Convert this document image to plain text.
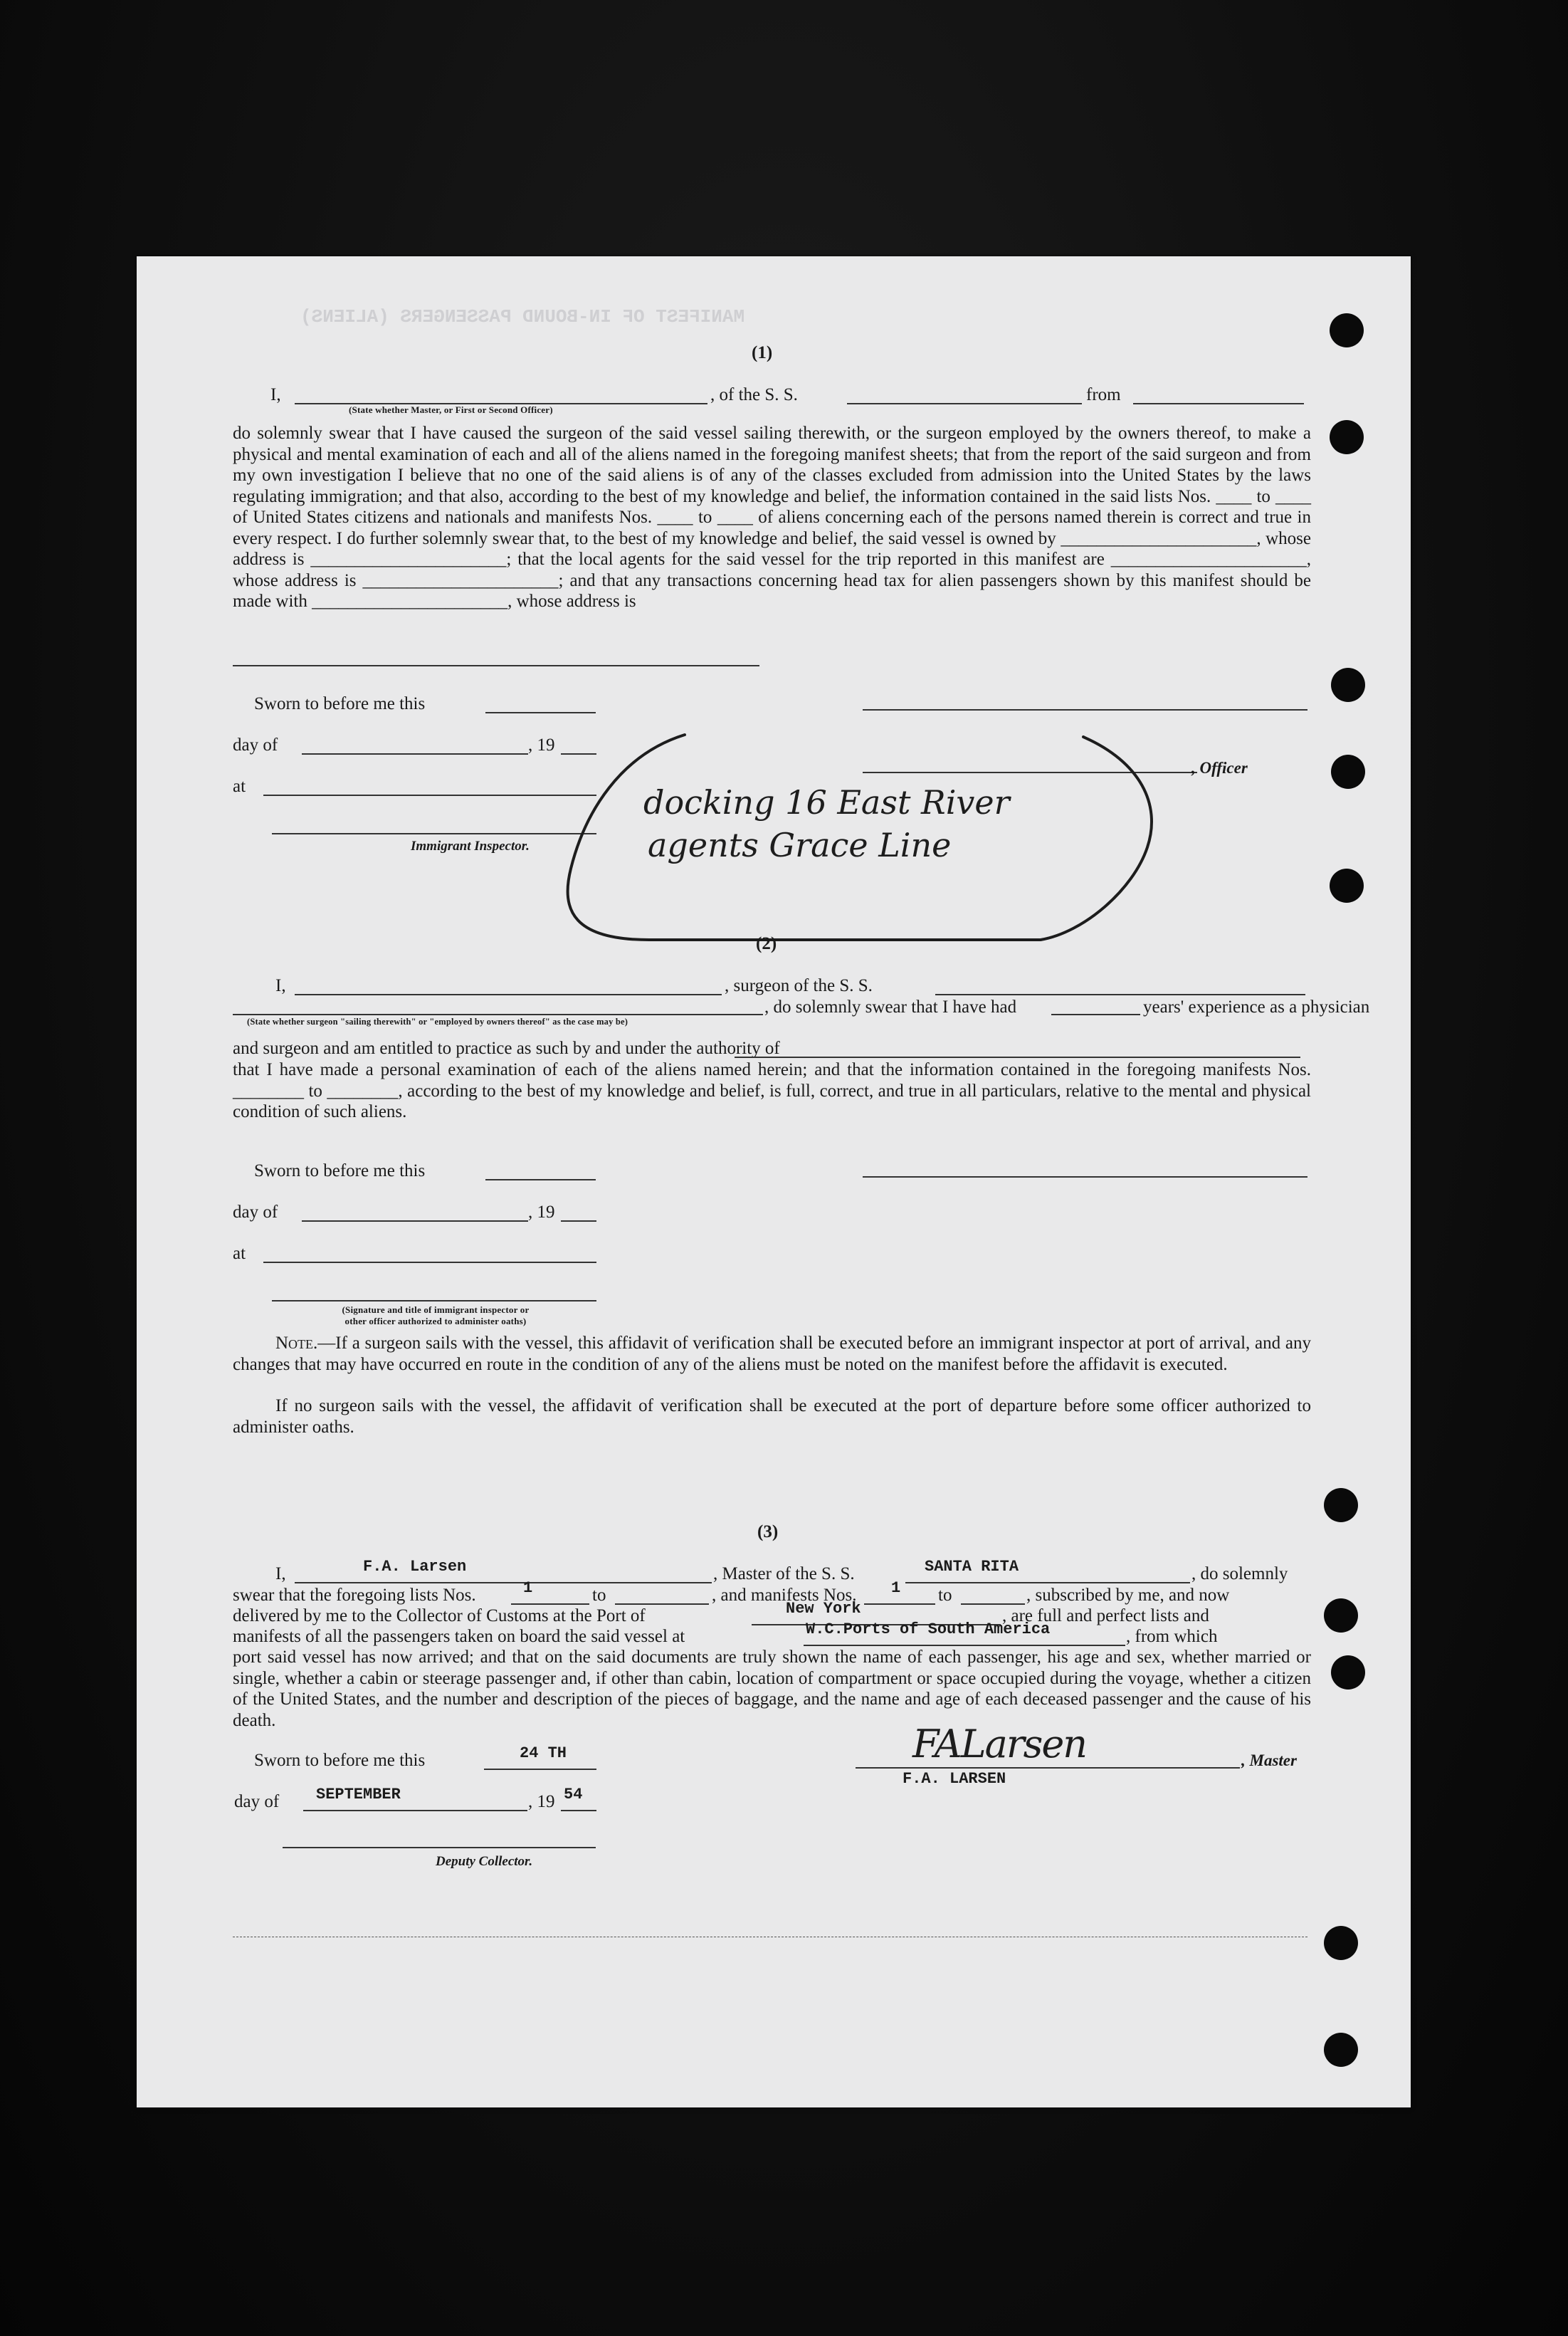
MANIFEST OF IN-BOUND PASSENGERS (ALIENS)
(1)
I,	, of the S. S.	from
(State whether Master, or First or Second Officer)
do solemnly swear that I have caused the surgeon of the said vessel sailing therewith, or the surgeon employed by the owners thereof, to make a physical and mental examination of each and all of the aliens named in the foregoing manifest sheets; that from the report of the said surgeon and from my own investigation I believe that no one of the said aliens is of any of the classes excluded from admission into the United States by the laws regulating immigration; and that also, according to the best of my knowledge and belief, the information contained in the said lists Nos. ____ to ____ of United States citizens and nationals and manifests Nos. ____ to ____ of aliens concerning each of the persons named therein is correct and true in every respect. I do further solemnly swear that, to the best of my knowledge and belief, the said vessel is owned by ______________________, whose address is ______________________; that the local agents for the said vessel for the trip reported in this manifest are ______________________, whose address is ______________________; and that any transactions concerning head tax for alien passengers shown by this manifest should be made with ______________________, whose address is
Sworn to before me this
day of	, 19
at
, Officer
Immigrant Inspector.
docking 16 East River
agents Grace Line
(2)
I,	, surgeon of the S. S.
, do solemnly swear that I have had	years' experience as a physician
(State whether surgeon "sailing therewith" or "employed by owners thereof" as the case may be)
and surgeon and am entitled to practice as such by and under the authority of
that I have made a personal examination of each of the aliens named herein; and that the information contained in the foregoing manifests Nos. ________ to ________, according to the best of my knowledge and belief, is full, correct, and true in all particulars, relative to the mental and physical condition of such aliens.
Sworn to before me this
day of	, 19
at
(Signature and title of immigrant inspector or
other officer authorized to administer oaths)
Note.—If a surgeon sails with the vessel, this affidavit of verification shall be executed before an immigrant inspector at port of arrival, and any changes that may have occurred en route in the condition of any of the aliens must be noted on the manifest before the affidavit is executed.
If no surgeon sails with the vessel, the affidavit of verification shall be executed at the port of departure before some officer authorized to administer oaths.
(3)
I,	F.A. Larsen	, Master of the S. S.	SANTA RITA	, do solemnly
swear that the foregoing lists Nos.	1	to	, and manifests Nos. 1 to	, subscribed by me, and now
delivered by me to the Collector of Customs at the Port of	New York	, are full and perfect lists and
manifests of all the passengers taken on board the said vessel at	W.C.Ports of South America	, from which
port said vessel has now arrived; and that on the said documents are truly shown the name of each passenger, his age and sex, whether married or single, whether a cabin or steerage passenger and, if other than cabin, location of compartment or space occupied during the voyage, whether a citizen of the United States, and the number and description of the pieces of baggage, and the name and age of each deceased passenger and the cause of his death.
Sworn to before me this	24 TH	FALarsen	, Master
F.A. LARSEN
day of SEPTEMBER	, 19 54
Deputy Collector.
